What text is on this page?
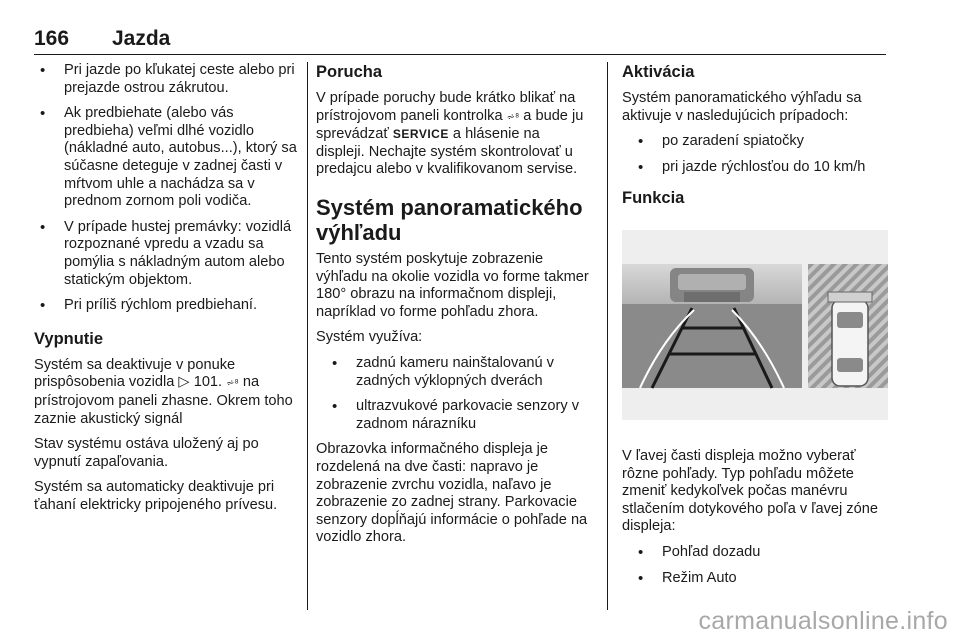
166	Jazda
• Pri jazde po kľukatej ceste alebo pri prejazde ostrou zákrutou.
• Ak predbiehate (alebo vás predbieha) veľmi dlhé vozidlo (nákladné auto, autobus...), ktorý sa súčasne deteguje v zadnej časti v mŕtvom uhle a nachádza sa v prednom zornom poli vodiča.
• V prípade hustej premávky: vozidlá rozpoznané vpredu a vzadu sa pomýlia s nákladným autom alebo statickým objektom.
• Pri príliš rýchlom predbiehaní.
Vypnutie

Systém sa deaktivuje v ponuke prispôsobenia vozidla ▷ 101. ⩫⁸ na prístrojovom paneli zhasne. Okrem toho zaznie akustický signál

Stav systému ostáva uložený aj po vypnutí zapaľovania.

Systém sa automaticky deaktivuje pri ťahaní elektricky pripojeného prívesu.

Porucha

V prípade poruchy bude krátko blikať na prístrojovom paneli kontrolka ⩫⁸ a bude ju sprevádzať SERVICE a hlásenie na displeji. Nechajte systém skontrolovať u predajcu alebo v kvalifikovanom servise.

Systém panoramatického výhľadu

Tento systém poskytuje zobrazenie výhľadu na okolie vozidla vo forme takmer 180° obrazu na informačnom displeji, napríklad vo forme pohľadu zhora.

Systém využíva:

• zadnú kameru nainštalovanú v zadných výklopných dverách
• ultrazvukové parkovacie senzory v zadnom nárazníku

Obrazovka informačného displeja je rozdelená na dve časti: napravo je zobrazenie zvrchu vozidla, naľavo je zobrazenie zo zadnej strany. Parkovacie senzory dopĺňajú informácie o pohľade na vozidlo zhora.

Aktivácia

Systém panoramatického výhľadu sa aktivuje v nasledujúcich prípadoch:

• po zaradení spiatočky
• pri jazde rýchlosťou do 10 km/h
Funkcia

V ľavej časti displeja možno vyberať rôzne pohľady. Typ pohľadu môžete zmeniť kedykoľvek počas manévru stlačením dotykového poľa v ľavej zóne displeja:

• Pohľad dozadu
• Režim Auto
carmanualsonline.info
